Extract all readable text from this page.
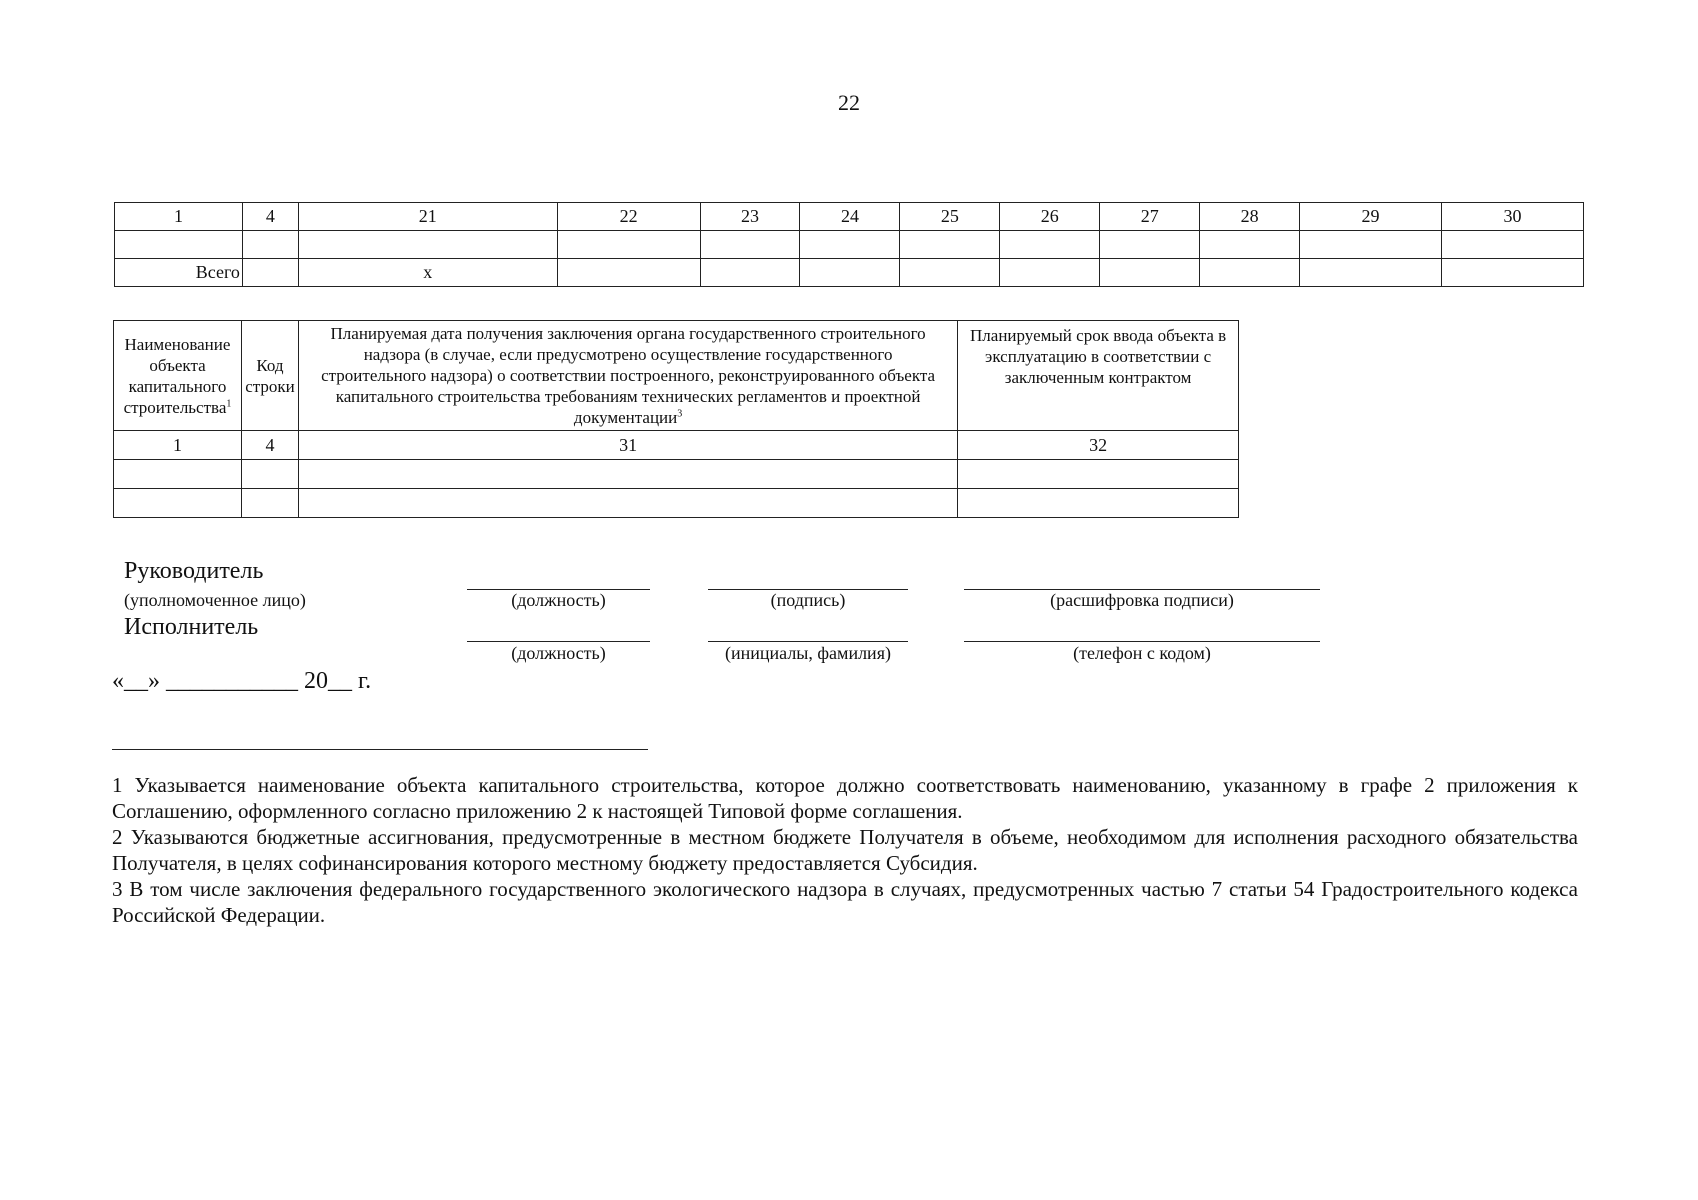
22
1	4	21	22	23	24	25	26	27	28	29	30

Всего		х									
Наименование объекта капитального строительства$^1$	Код строки	Планируемая дата получения заключения органа государственного строительного надзора (в случае, если предусмотрено осуществление государственного строительного надзора) о соответствии построенного, реконструированного объекта капитального строительства требованиям технических регламентов и проектной документации$^3$	Планируемый срок ввода объекта в эксплуатацию в соответствии с заключенным контрактом
1	4	31	32

Руководитель
(уполномоченное лицо)	(должность)	(подпись)	(расшифровка подписи)
Исполнитель
(должность)	(инициалы, фамилия)	(телефон с кодом)
«__» ___________ 20__ г.

1 Указывается наименование объекта капитального строительства, которое должно соответствовать наименованию, указанному в графе 2 приложения к Соглашению, оформленного согласно приложению 2 к настоящей Типовой форме соглашения.

2 Указываются бюджетные ассигнования, предусмотренные в местном бюджете Получателя в объеме, необходимом для исполнения расходного обязательства Получателя, в целях софинансирования которого местному бюджету предоставляется Субсидия.

3 В том числе заключения федерального государственного экологического надзора в случаях, предусмотренных частью 7 статьи 54 Градостроительного кодекса Российской Федерации.
